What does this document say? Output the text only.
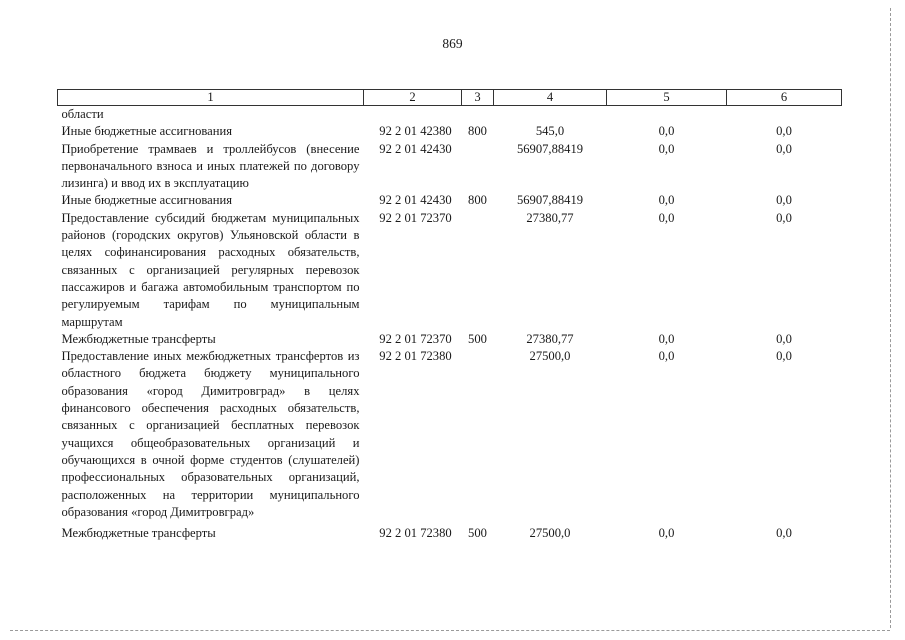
869
1	2	3	4	5	6
области					
Иные бюджетные ассигнования	92 2 01 42380	800	545,0	0,0	0,0
Приобретение трамваев и троллейбусов (внесение первоначального взноса и иных платежей по договору лизинга) и ввод их в эксплуатацию	92 2 01 42430		56907,88419	0,0	0,0
Иные бюджетные ассигнования	92 2 01 42430	800	56907,88419	0,0	0,0
Предоставление субсидий бюджетам муниципальных районов (городских округов) Ульяновской области в целях софинансирования расходных обязательств, связанных с организацией регулярных перевозок пассажиров и багажа автомобильным транспортом по регулируемым тарифам по муниципальным маршрутам	92 2 01 72370		27380,77	0,0	0,0
Межбюджетные трансферты	92 2 01 72370	500	27380,77	0,0	0,0
Предоставление иных межбюджетных трансфертов из областного бюджета бюджету муниципального образования «город Димитровград» в целях финансового обеспечения расходных обязательств, связанных с организацией бесплатных перевозок учащихся общеобразовательных организаций и обучающихся в очной форме студентов (слушателей) профессиональных образовательных организаций, расположенных на территории муниципального образования «город Димитровград»	92 2 01 72380		27500,0	0,0	0,0
Межбюджетные трансферты	92 2 01 72380	500	27500,0	0,0	0,0
